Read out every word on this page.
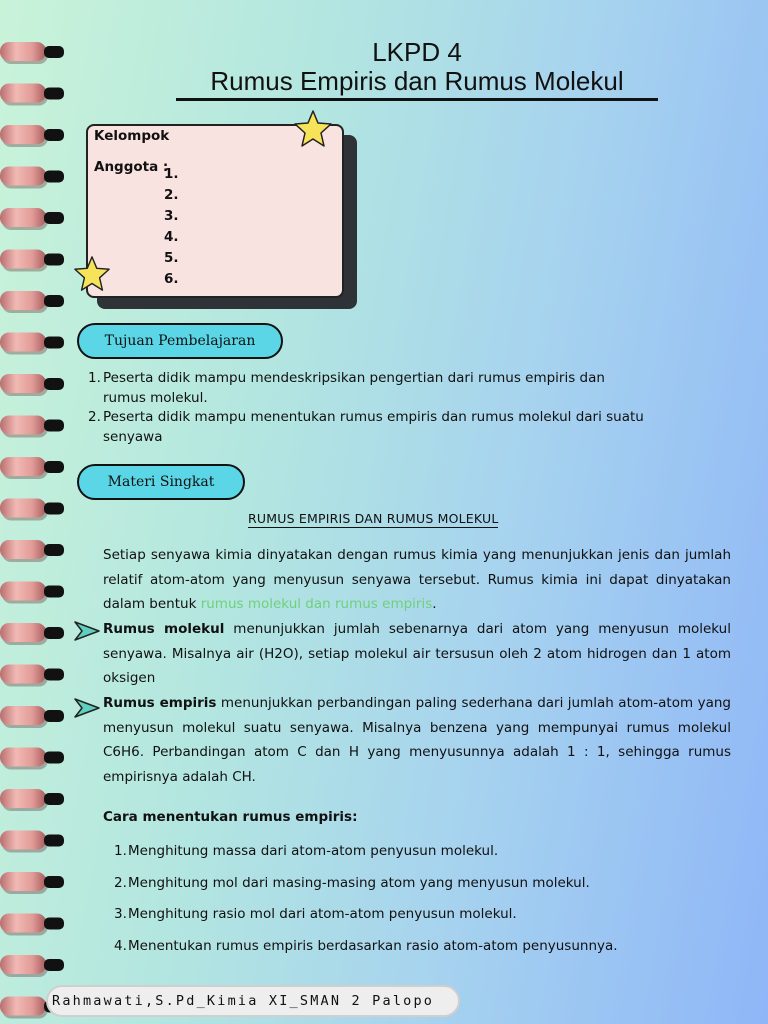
LKPD 4
Rumus Empiris dan Rumus Molekul
Kelompok
Anggota :
1.
2.
3.
4.
5.
6.
Tujuan Pembelajaran
1. Peserta didik mampu mendeskripsikan pengertian dari rumus empiris dan rumus molekul.
2. Peserta didik mampu menentukan rumus empiris dan rumus molekul dari suatu senyawa
Materi Singkat
RUMUS EMPIRIS DAN RUMUS MOLEKUL
Setiap senyawa kimia dinyatakan dengan rumus kimia yang menunjukkan jenis dan jumlah relatif atom-atom yang menyusun senyawa tersebut. Rumus kimia ini dapat dinyatakan dalam bentuk rumus molekul dan rumus empiris.
Rumus molekul menunjukkan jumlah sebenarnya dari atom yang menyusun molekul senyawa. Misalnya air (H2O), setiap molekul air tersusun oleh 2 atom hidrogen dan 1 atom oksigen
Rumus empiris menunjukkan perbandingan paling sederhana dari jumlah atom-atom yang menyusun molekul suatu senyawa. Misalnya benzena yang mempunyai rumus molekul C6H6. Perbandingan atom C dan H yang menyusunnya adalah 1 : 1, sehingga rumus empirisnya adalah CH.
Cara menentukan rumus empiris:
1. Menghitung massa dari atom-atom penyusun molekul.
2. Menghitung mol dari masing-masing atom yang menyusun molekul.
3. Menghitung rasio mol dari atom-atom penyusun molekul.
4. Menentukan rumus empiris berdasarkan rasio atom-atom penyusunnya.
Rahmawati,S.Pd_Kimia XI_SMAN 2 Palopo
